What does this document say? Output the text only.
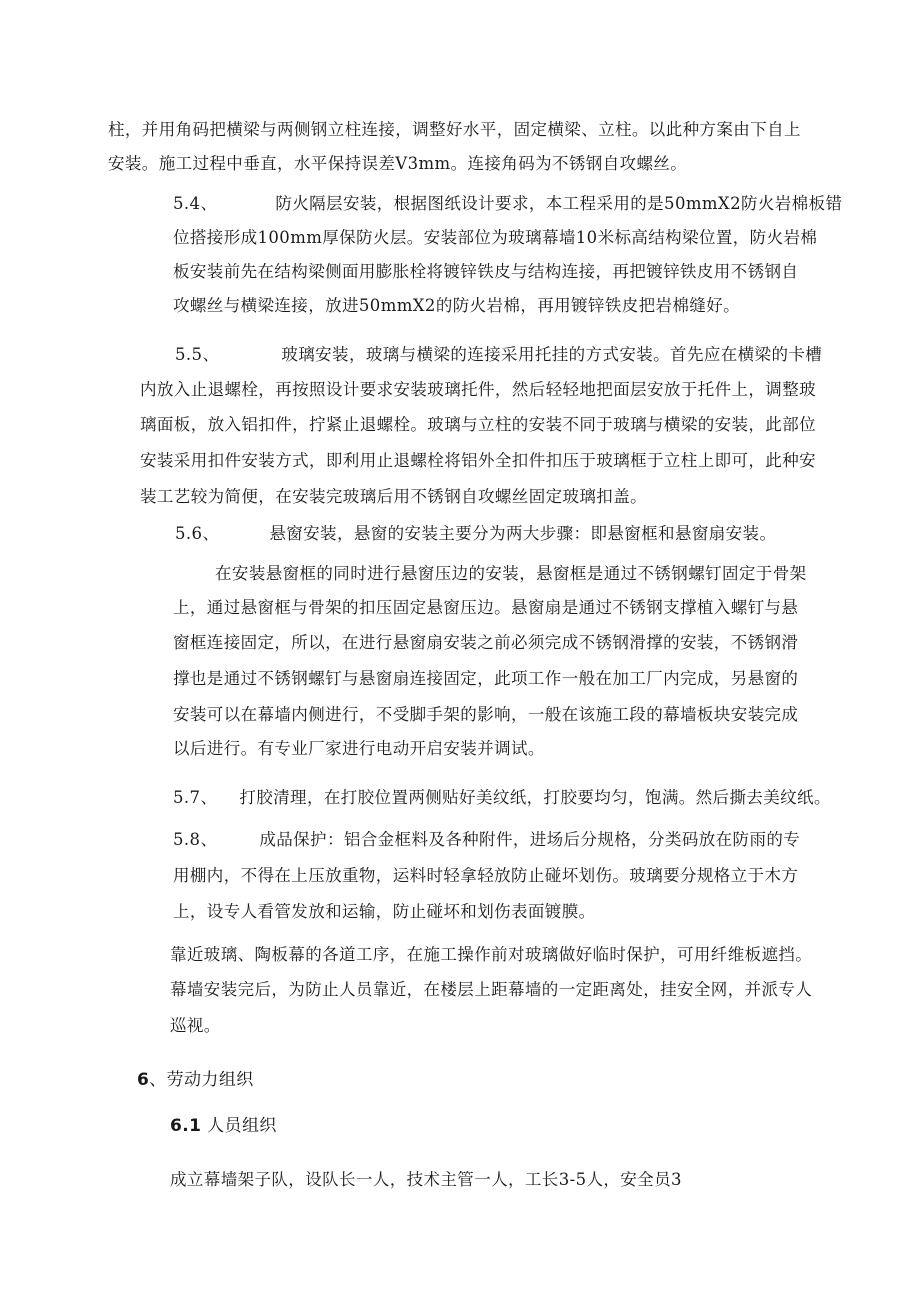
柱，并用角码把横梁与两侧钢立柱连接，调整好水平，固定横梁、立柱。以此种方案由下自上
安装。施工过程中垂直，水平保持误差V3mm。连接角码为不锈钢自攻螺丝。
5.4、	防火隔层安装，根据图纸设计要求，本工程采用的是50mmX2防火岩棉板错
位搭接形成100mm厚保防火层。安装部位为玻璃幕墙10米标高结构梁位置，防火岩棉
板安装前先在结构梁侧面用膨胀栓将镀锌铁皮与结构连接，再把镀锌铁皮用不锈钢自
攻螺丝与横梁连接，放进50mmX2的防火岩棉，再用镀锌铁皮把岩棉缝好。
5.5、	玻璃安装，玻璃与横梁的连接采用托挂的方式安装。首先应在横梁的卡槽
内放入止退螺栓，再按照设计要求安装玻璃托件，然后轻轻地把面层安放于托件上，调整玻
璃面板，放入铝扣件，拧紧止退螺栓。玻璃与立柱的安装不同于玻璃与横梁的安装，此部位
安装采用扣件安装方式，即利用止退螺栓将铝外全扣件扣压于玻璃框于立柱上即可，此种安
装工艺较为简便，在安装完玻璃后用不锈钢自攻螺丝固定玻璃扣盖。
5.6、	悬窗安装，悬窗的安装主要分为两大步骤：即悬窗框和悬窗扇安装。
在安装悬窗框的同时进行悬窗压边的安装，悬窗框是通过不锈钢螺钉固定于骨架
上，通过悬窗框与骨架的扣压固定悬窗压边。悬窗扇是通过不锈钢支撑植入螺钉与悬
窗框连接固定，所以，在进行悬窗扇安装之前必须完成不锈钢滑撑的安装，不锈钢滑
撑也是通过不锈钢螺钉与悬窗扇连接固定，此项工作一般在加工厂内完成，另悬窗的
安装可以在幕墙内侧进行，不受脚手架的影响，一般在该施工段的幕墙板块安装完成
以后进行。有专业厂家进行电动开启安装并调试。
5.7、 打胶清理，在打胶位置两侧贴好美纹纸，打胶要均匀，饱满。然后撕去美纹纸。
5.8、	成品保护：铝合金框料及各种附件，进场后分规格，分类码放在防雨的专
用棚内，不得在上压放重物，运料时轻拿轻放防止碰坏划伤。玻璃要分规格立于木方
上，设专人看管发放和运输，防止碰坏和划伤表面镀膜。
靠近玻璃、陶板幕的各道工序，在施工操作前对玻璃做好临时保护，可用纤维板遮挡。
幕墙安装完后，为防止人员靠近，在楼层上距幕墙的一定距离处，挂安全网，并派专人
巡视。
6、劳动力组织
6.1 人员组织
成立幕墙架子队，设队长一人，技术主管一人，工长3-5人，安全员3
